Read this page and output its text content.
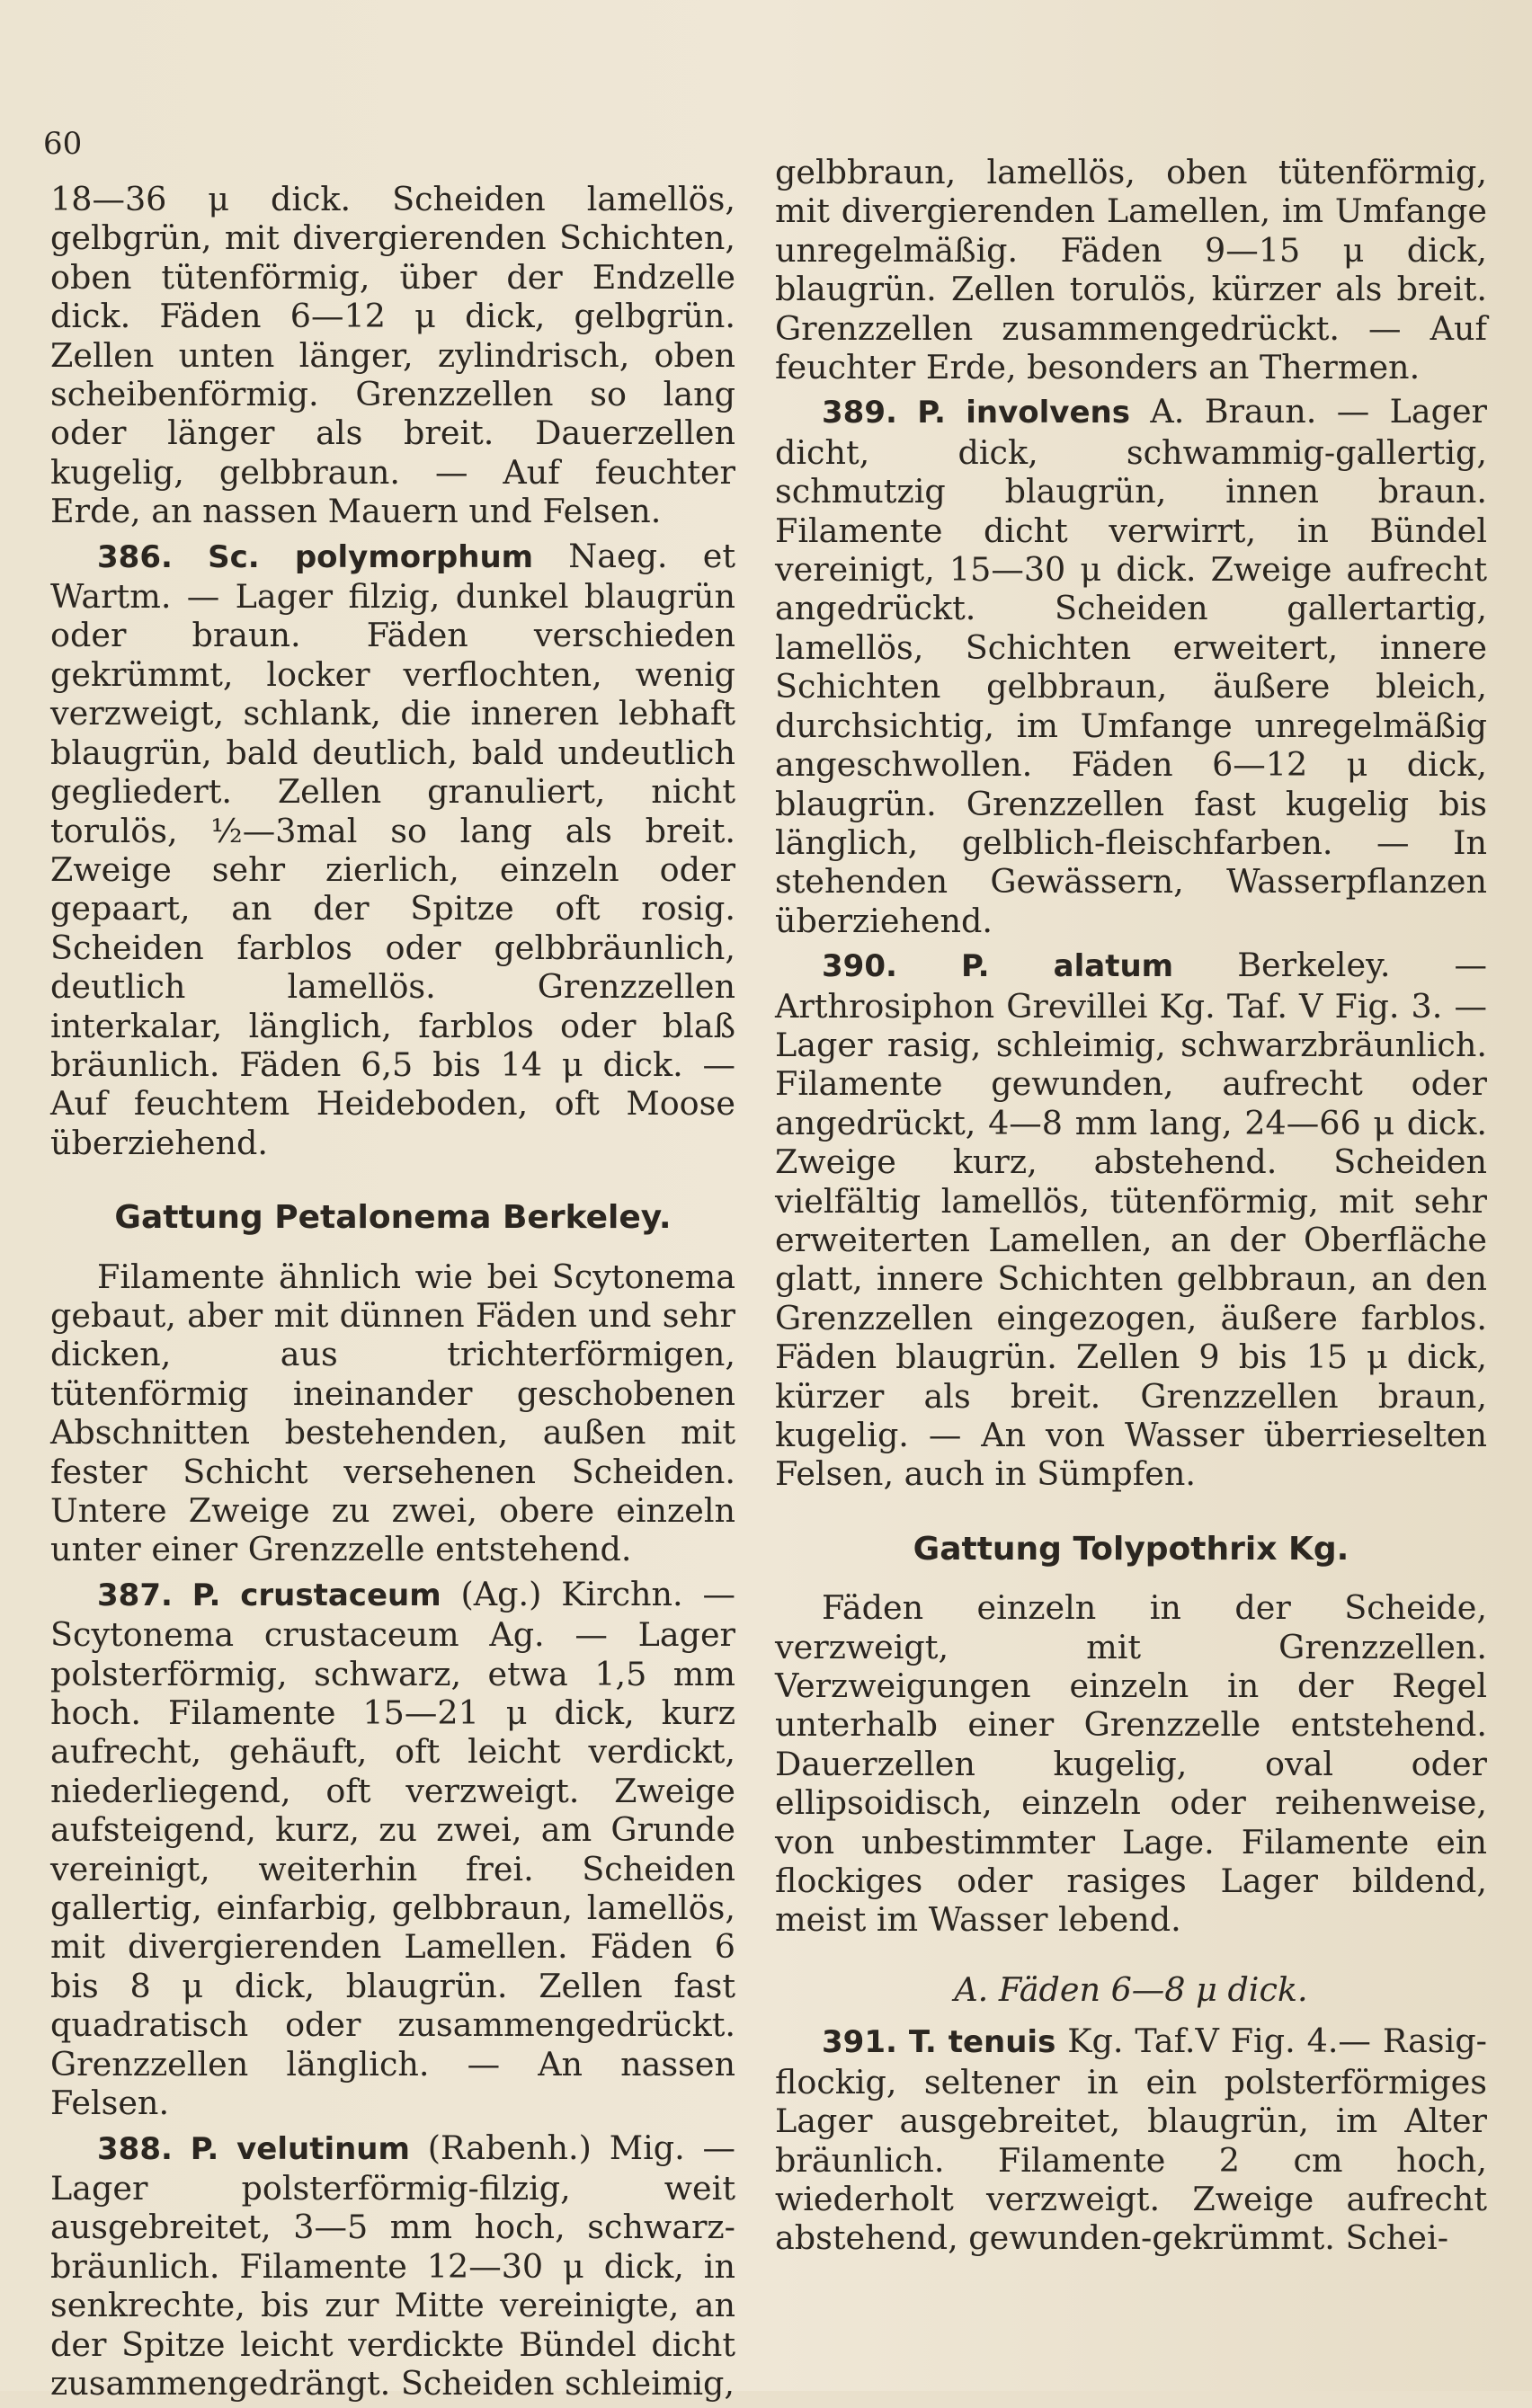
60

18—36 μ dick. Scheiden lamellös, gelbgrün, mit divergierenden Schichten, oben tütenförmig, über der Endzelle dick. Fäden 6—12 μ dick, gelbgrün. Zellen unten länger, zylindrisch, oben scheibenförmig. Grenzzellen so lang oder länger als breit. Dauerzellen kugelig, gelbbraun. — Auf feuchter Erde, an nassen Mauern und Felsen.

386. Sc. polymorphum Naeg. et Wartm. — Lager filzig, dunkel blaugrün oder braun. Fäden verschieden gekrümmt, locker verflochten, wenig verzweigt, schlank, die inneren lebhaft blaugrün, bald deutlich, bald undeutlich gegliedert. Zellen granuliert, nicht torulös, ½—3mal so lang als breit. Zweige sehr zierlich, einzeln oder gepaart, an der Spitze oft rosig. Scheiden farblos oder gelbbräunlich, deutlich lamellös. Grenzzellen interkalar, länglich, farblos oder blaß bräunlich. Fäden 6,5 bis 14 μ dick. — Auf feuchtem Heideboden, oft Moose überziehend.

Gattung Petalonema Berkeley.

Filamente ähnlich wie bei Scytonema gebaut, aber mit dünnen Fäden und sehr dicken, aus trichterförmigen, tütenförmig ineinander geschobenen Abschnitten bestehenden, außen mit fester Schicht versehenen Scheiden. Untere Zweige zu zwei, obere einzeln unter einer Grenzzelle entstehend.

387. P. crustaceum (Ag.) Kirchn. — Scytonema crustaceum Ag. — Lager polsterförmig, schwarz, etwa 1,5 mm hoch. Filamente 15—21 μ dick, kurz aufrecht, gehäuft, oft leicht verdickt, niederliegend, oft verzweigt. Zweige aufsteigend, kurz, zu zwei, am Grunde vereinigt, weiterhin frei. Scheiden gallertig, einfarbig, gelbbraun, lamellös, mit divergierenden Lamellen. Fäden 6 bis 8 μ dick, blaugrün. Zellen fast quadratisch oder zusammengedrückt. Grenzzellen länglich. — An nassen Felsen.

388. P. velutinum (Rabenh.) Mig. — Lager polsterförmig-filzig, weit ausgebreitet, 3—5 mm hoch, schwarz-bräunlich. Filamente 12—30 μ dick, in senkrechte, bis zur Mitte vereinigte, an der Spitze leicht verdickte Bündel dicht zusammengedrängt. Scheiden schleimig,

gelbbraun, lamellös, oben tütenförmig, mit divergierenden Lamellen, im Umfange unregelmäßig. Fäden 9—15 μ dick, blaugrün. Zellen torulös, kürzer als breit. Grenzzellen zusammengedrückt. — Auf feuchter Erde, besonders an Thermen.

389. P. involvens A. Braun. — Lager dicht, dick, schwammig-gallertig, schmutzig blaugrün, innen braun. Filamente dicht verwirrt, in Bündel vereinigt, 15—30 μ dick. Zweige aufrecht angedrückt. Scheiden gallertartig, lamellös, Schichten erweitert, innere Schichten gelbbraun, äußere bleich, durchsichtig, im Umfange unregelmäßig angeschwollen. Fäden 6—12 μ dick, blaugrün. Grenzzellen fast kugelig bis länglich, gelblich-fleischfarben. — In stehenden Gewässern, Wasserpflanzen überziehend.

390. P. alatum Berkeley. — Arthrosiphon Grevillei Kg. Taf. V Fig. 3. — Lager rasig, schleimig, schwarzbräunlich. Filamente gewunden, aufrecht oder angedrückt, 4—8 mm lang, 24—66 μ dick. Zweige kurz, abstehend. Scheiden vielfältig lamellös, tütenförmig, mit sehr erweiterten Lamellen, an der Oberfläche glatt, innere Schichten gelbbraun, an den Grenzzellen eingezogen, äußere farblos. Fäden blaugrün. Zellen 9 bis 15 μ dick, kürzer als breit. Grenzzellen braun, kugelig. — An von Wasser überrieselten Felsen, auch in Sümpfen.

Gattung Tolypothrix Kg.

Fäden einzeln in der Scheide, verzweigt, mit Grenzzellen. Verzweigungen einzeln in der Regel unterhalb einer Grenzzelle entstehend. Dauerzellen kugelig, oval oder ellipsoidisch, einzeln oder reihenweise, von unbestimmter Lage. Filamente ein flockiges oder rasiges Lager bildend, meist im Wasser lebend.

A. Fäden 6—8 μ dick.

391. T. tenuis Kg. Taf.V Fig. 4.— Rasig-flockig, seltener in ein polsterförmiges Lager ausgebreitet, blaugrün, im Alter bräunlich. Filamente 2 cm hoch, wiederholt verzweigt. Zweige aufrecht abstehend, gewunden-gekrümmt. Schei-
